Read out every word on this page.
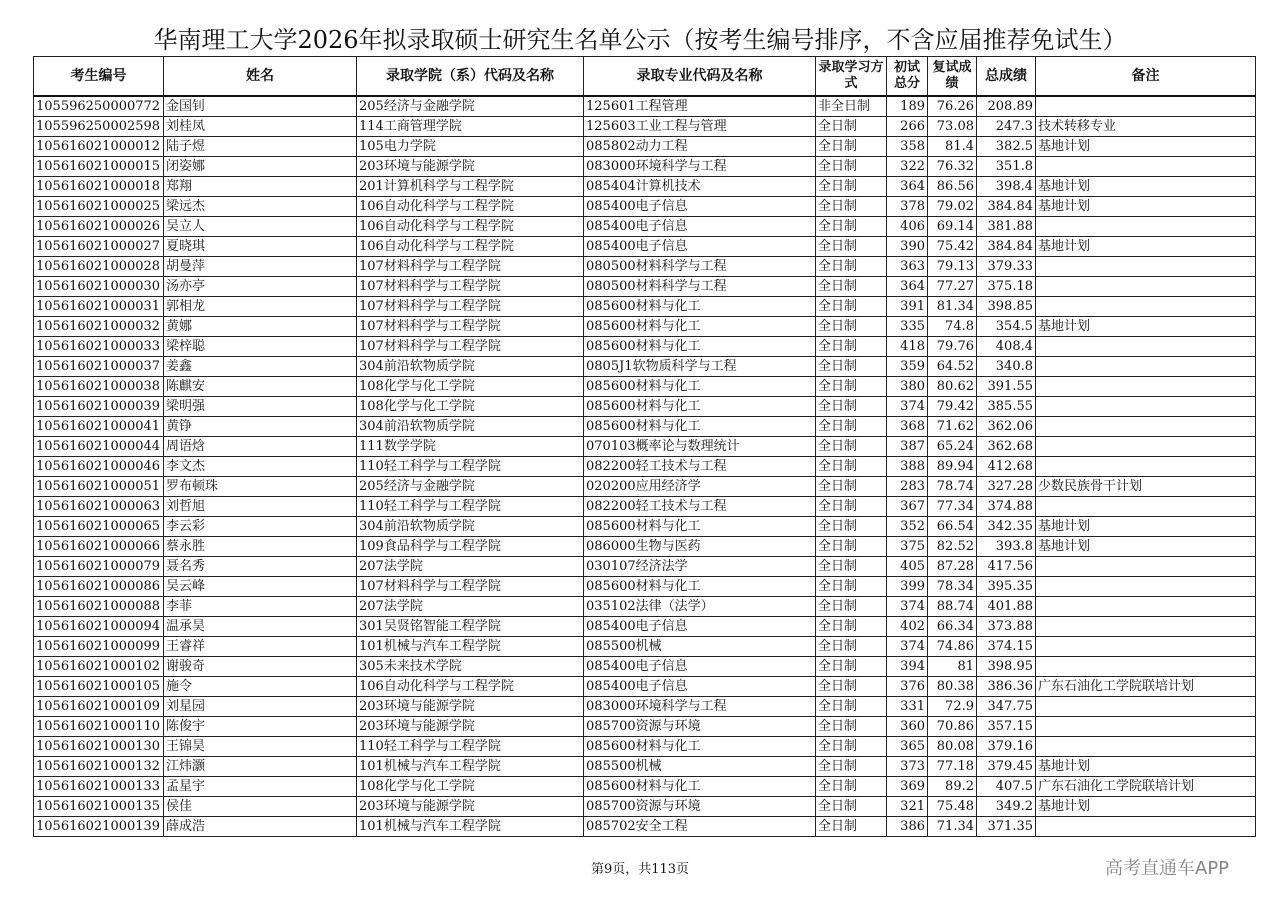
华南理工大学2026年拟录取硕士研究生名单公示（按考生编号排序，不含应届推荐免试生）
考生编号	姓名	录取学院（系）代码及名称	录取专业代码及名称	录取学习方式	初试总分	复试成绩	总成绩	备注
105596250000772	金国钊	205经济与金融学院	125601工程管理	非全日制	189	76.26	208.89	
105596250002598	刘桂凤	114工商管理学院	125603工业工程与管理	全日制	266	73.08	247.3	技术转移专业
105616021000012	陆子煜	105电力学院	085802动力工程	全日制	358	81.4	382.5	基地计划
105616021000015	闭姿娜	203环境与能源学院	083000环境科学与工程	全日制	322	76.32	351.8	
105616021000018	郑翔	201计算机科学与工程学院	085404计算机技术	全日制	364	86.56	398.4	基地计划
105616021000025	梁远杰	106自动化科学与工程学院	085400电子信息	全日制	378	79.02	384.84	基地计划
105616021000026	吴立人	106自动化科学与工程学院	085400电子信息	全日制	406	69.14	381.88	
105616021000027	夏晓琪	106自动化科学与工程学院	085400电子信息	全日制	390	75.42	384.84	基地计划
105616021000028	胡曼萍	107材料科学与工程学院	080500材料科学与工程	全日制	363	79.13	379.33	
105616021000030	汤亦亭	107材料科学与工程学院	080500材料科学与工程	全日制	364	77.27	375.18	
105616021000031	郭相龙	107材料科学与工程学院	085600材料与化工	全日制	391	81.34	398.85	
105616021000032	黄娜	107材料科学与工程学院	085600材料与化工	全日制	335	74.8	354.5	基地计划
105616021000033	梁梓聪	107材料科学与工程学院	085600材料与化工	全日制	418	79.76	408.4	
105616021000037	姜鑫	304前沿软物质学院	0805J1软物质科学与工程	全日制	359	64.52	340.8	
105616021000038	陈麒安	108化学与化工学院	085600材料与化工	全日制	380	80.62	391.55	
105616021000039	梁明强	108化学与化工学院	085600材料与化工	全日制	374	79.42	385.55	
105616021000041	黄铮	304前沿软物质学院	085600材料与化工	全日制	368	71.62	362.06	
105616021000044	周语焓	111数学学院	070103概率论与数理统计	全日制	387	65.24	362.68	
105616021000046	李文杰	110轻工科学与工程学院	082200轻工技术与工程	全日制	388	89.94	412.68	
105616021000051	罗布顿珠	205经济与金融学院	020200应用经济学	全日制	283	78.74	327.28	少数民族骨干计划
105616021000063	刘哲旭	110轻工科学与工程学院	082200轻工技术与工程	全日制	367	77.34	374.88	
105616021000065	李云彩	304前沿软物质学院	085600材料与化工	全日制	352	66.54	342.35	基地计划
105616021000066	蔡永胜	109食品科学与工程学院	086000生物与医药	全日制	375	82.52	393.8	基地计划
105616021000079	聂名秀	207法学院	030107经济法学	全日制	405	87.28	417.56	
105616021000086	吴云峰	107材料科学与工程学院	085600材料与化工	全日制	399	78.34	395.35	
105616021000088	李菲	207法学院	035102法律（法学）	全日制	374	88.74	401.88	
105616021000094	温承昊	301吴贤铭智能工程学院	085400电子信息	全日制	402	66.34	373.88	
105616021000099	王睿祥	101机械与汽车工程学院	085500机械	全日制	374	74.86	374.15	
105616021000102	谢骏奇	305未来技术学院	085400电子信息	全日制	394	81	398.95	
105616021000105	施令	106自动化科学与工程学院	085400电子信息	全日制	376	80.38	386.36	广东石油化工学院联培计划
105616021000109	刘星园	203环境与能源学院	083000环境科学与工程	全日制	331	72.9	347.75	
105616021000110	陈俊宇	203环境与能源学院	085700资源与环境	全日制	360	70.86	357.15	
105616021000130	王锦昊	110轻工科学与工程学院	085600材料与化工	全日制	365	80.08	379.16	
105616021000132	江炜灏	101机械与汽车工程学院	085500机械	全日制	373	77.18	379.45	基地计划
105616021000133	孟星宇	108化学与化工学院	085600材料与化工	全日制	369	89.2	407.5	广东石油化工学院联培计划
105616021000135	侯佳	203环境与能源学院	085700资源与环境	全日制	321	75.48	349.2	基地计划
105616021000139	薛成浩	101机械与汽车工程学院	085702安全工程	全日制	386	71.34	371.35	
第9页，共113页	高考直通车APP
